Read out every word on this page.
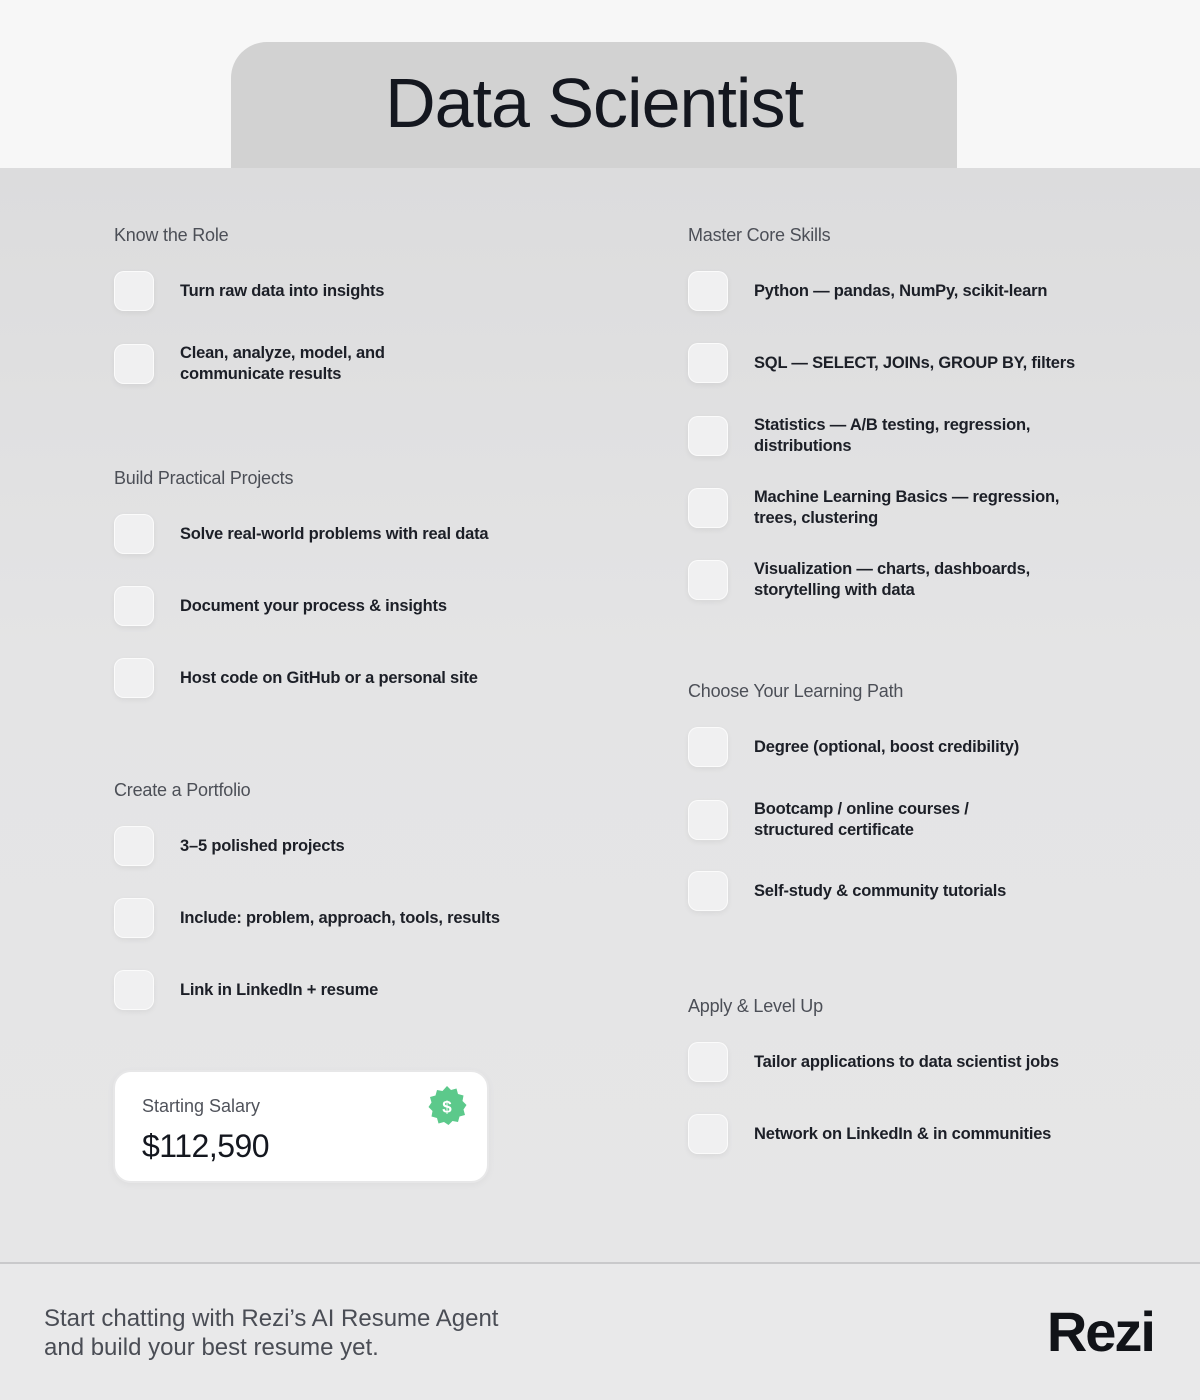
Data Scientist
Know the Role
Turn raw data into insights
Clean, analyze, model, and
communicate results
Build Practical Projects
Solve real-world problems with real data
Document your process & insights
Host code on GitHub or a personal site
Create a Portfolio
3–5 polished projects
Include: problem, approach, tools, results
Link in LinkedIn + resume
Starting Salary
$112,590
$
Master Core Skills
Python — pandas, NumPy, scikit-learn
SQL — SELECT, JOINs, GROUP BY, filters
Statistics — A/B testing, regression,
distributions
Machine Learning Basics — regression,
trees, clustering
Visualization — charts, dashboards,
storytelling with data
Choose Your Learning Path
Degree (optional, boost credibility)
Bootcamp / online courses /
structured certificate
Self-study & community tutorials
Apply & Level Up
Tailor applications to data scientist jobs
Network on LinkedIn & in communities
Start chatting with Rezi’s AI Resume Agent and build your best resume yet.	Rezi
